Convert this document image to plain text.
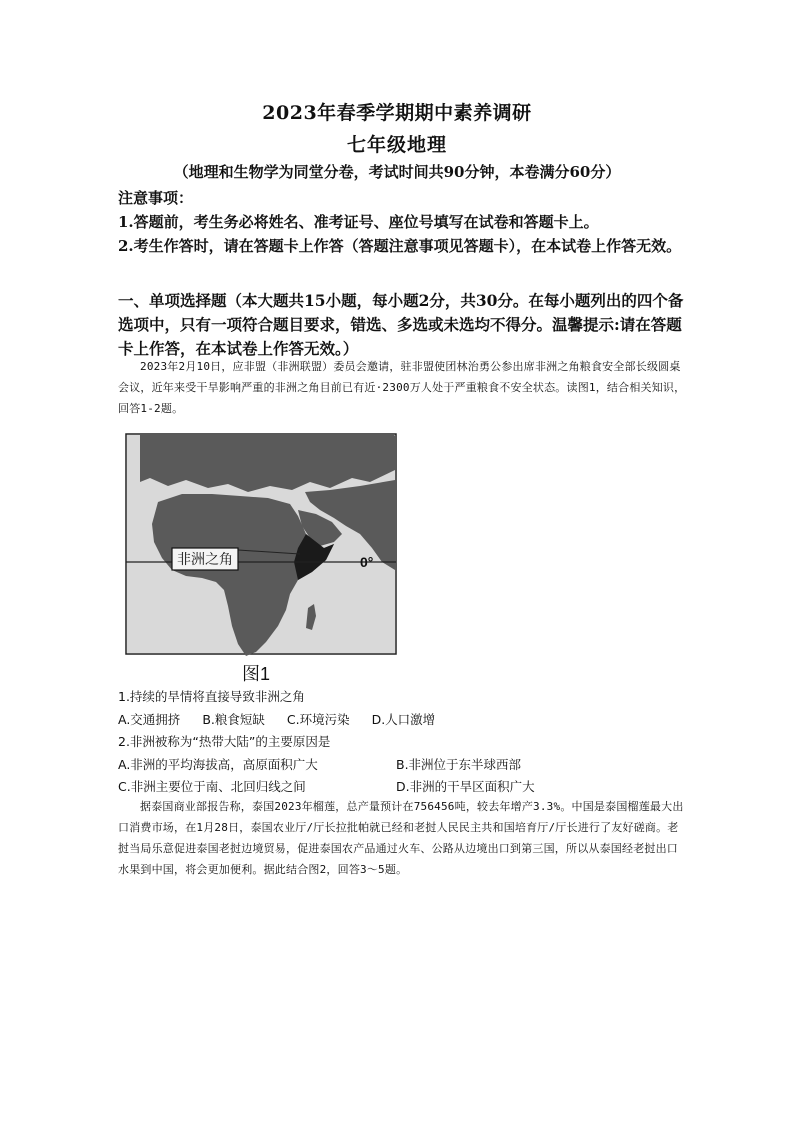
2023年春季学期期中素养调研
七年级地理
（地理和生物学为同堂分卷，考试时间共90分钟，本卷满分60分）

注意事项：

1.答题前，考生务必将姓名、准考证号、座位号填写在试卷和答题卡上。

2.考生作答时，请在答题卡上作答（答题注意事项见答题卡），在本试卷上作答无效。

一、单项选择题（本大题共15小题，每小题2分，共30分。在每小题列出的四个备选项中，只有一项符合题目要求，错选、多选或未选均不得分。温馨提示:请在答题卡上作答，在本试卷上作答无效。）

2023年2月10日，应非盟（非洲联盟）委员会邀请，驻非盟使团林治勇公参出席非洲之角粮食安全部长级圆桌会议，近年来受干旱影响严重的非洲之角目前已有近·2300万人处于严重粮食不安全状态。读图1，结合相关知识，回答1-2题。

非洲之角	0°
图1

1.持续的旱情将直接导致非洲之角

A.交通拥挤 B.粮食短缺 C.环境污染 D.人口激增

2.非洲被称为“热带大陆”的主要原因是

A.非洲的平均海拔高，高原面积广大	B.非洲位于东半球西部
C.非洲主要位于南、北回归线之间	D.非洲的干旱区面积广大

据泰国商业部报告称，泰国2023年榴莲，总产量预计在756456吨，较去年增产3.3%。中国是泰国榴莲最大出口消费市场，在1月28日，泰国农业厅/厅长拉批帕就已经和老挝人民民主共和国培育厅/厅长进行了友好磋商。老挝当局乐意促进泰国老挝边境贸易，促进泰国农产品通过火车、公路从边境出口到第三国，所以从泰国经老挝出口水果到中国，将会更加便利。据此结合图2，回答3～5题。
